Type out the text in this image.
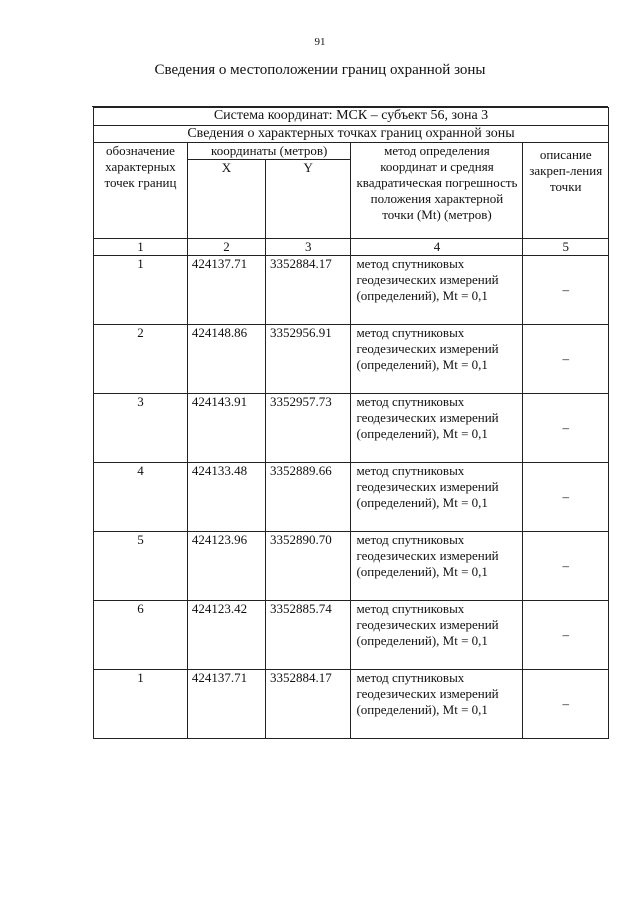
91
Сведения о местоположении границ охранной зоны
Система координат: МСК – субъект 56, зона 3				
Сведения о характерных точках границ охранной зоны				
обозначение характерных точек границ	координаты (метров)		метод определения координат и средняя квадратическая погрешность положения характерной точки (Mt) (метров)	описание закреп-ления точки
	X	Y		
1	2	3	4	5
1	424137.71	3352884.17	метод спутниковых геодезических измерений (определений), Mt = 0,1	–
2	424148.86	3352956.91	метод спутниковых геодезических измерений (определений), Mt = 0,1	–
3	424143.91	3352957.73	метод спутниковых геодезических измерений (определений), Mt = 0,1	–
4	424133.48	3352889.66	метод спутниковых геодезических измерений (определений), Mt = 0,1	–
5	424123.96	3352890.70	метод спутниковых геодезических измерений (определений), Mt = 0,1	–
6	424123.42	3352885.74	метод спутниковых геодезических измерений (определений), Mt = 0,1	–
1	424137.71	3352884.17	метод спутниковых геодезических измерений (определений), Mt = 0,1	–
